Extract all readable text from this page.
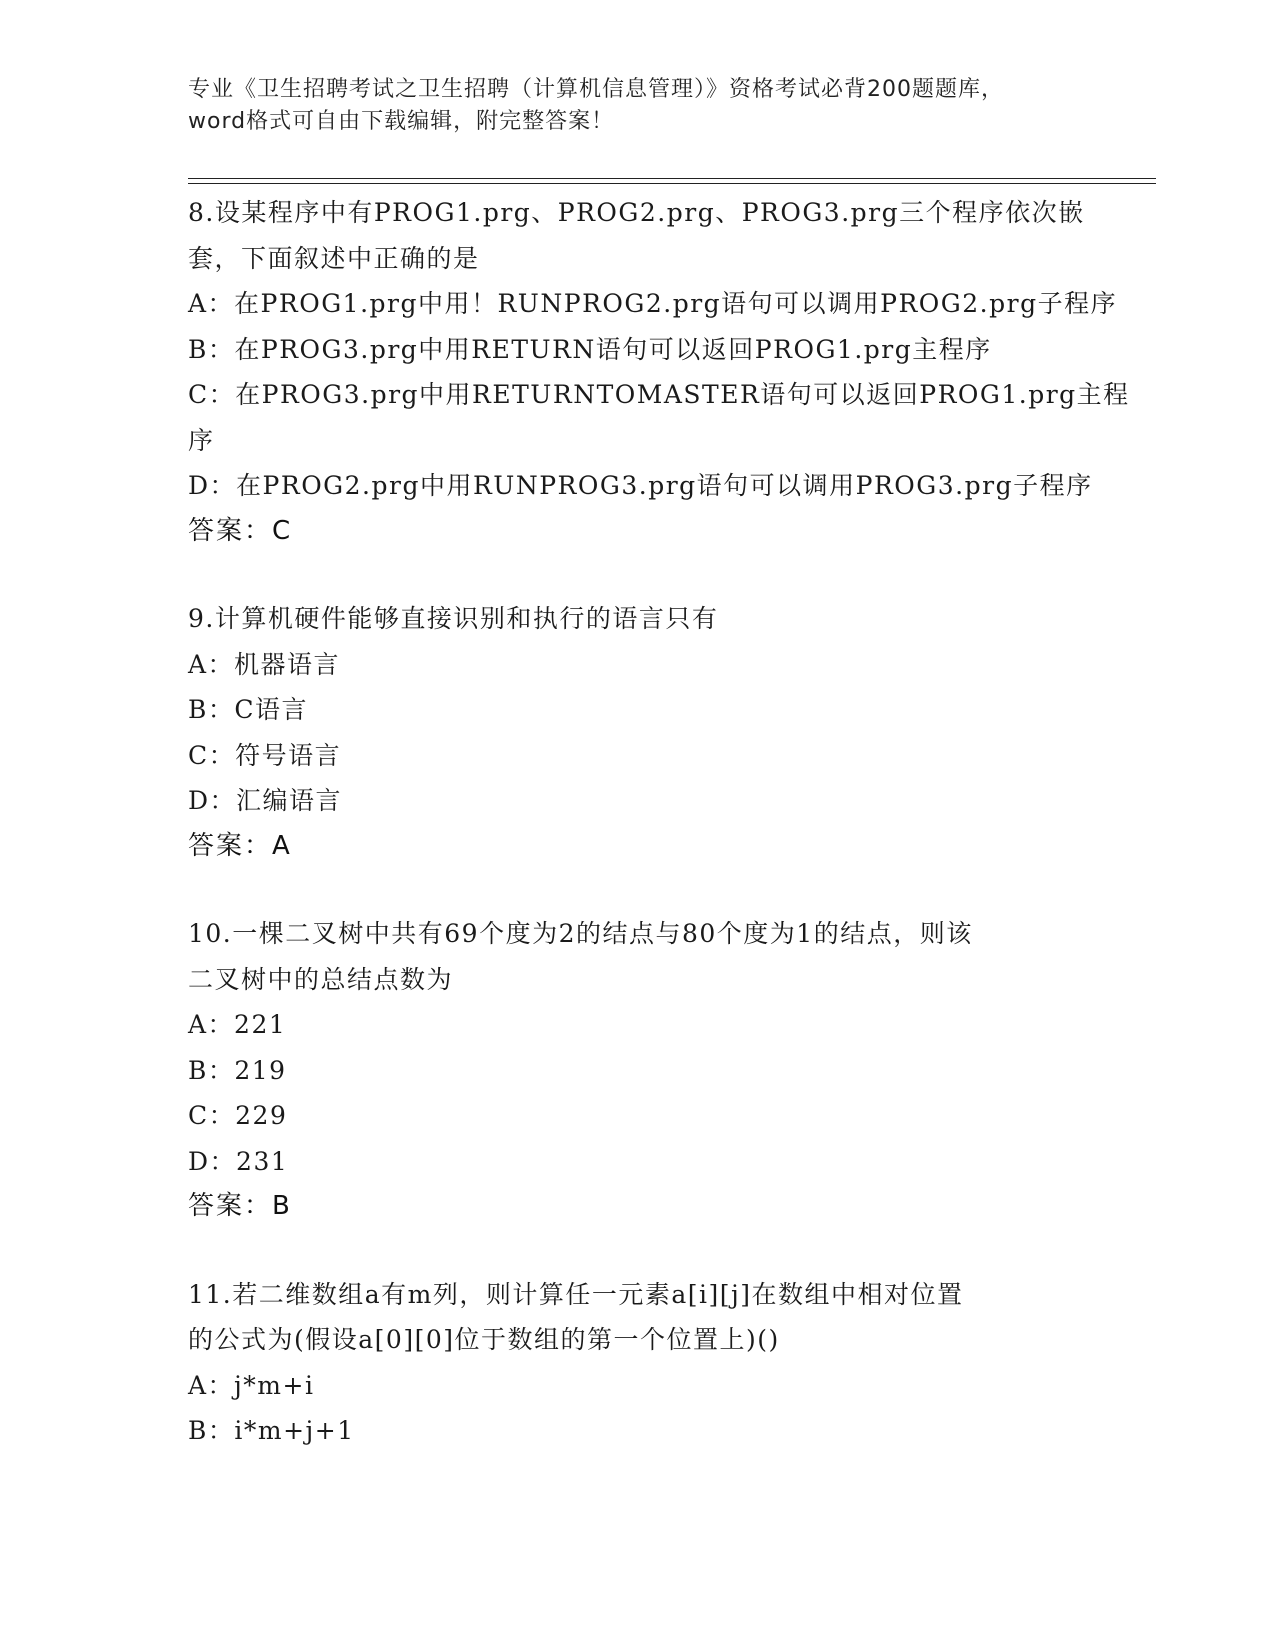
专业《卫生招聘考试之卫生招聘（计算机信息管理）》资格考试必背200题题库，
word格式可自由下载编辑，附完整答案！
8.设某程序中有PROG1.prg、PROG2.prg、PROG3.prg三个程序依次嵌
套，下面叙述中正确的是
A：在PROG1.prg中用！RUNPROG2.prg语句可以调用PROG2.prg子程序
B：在PROG3.prg中用RETURN语句可以返回PROG1.prg主程序
C：在PROG3.prg中用RETURNTOMASTER语句可以返回PROG1.prg主程
序
D：在PROG2.prg中用RUNPROG3.prg语句可以调用PROG3.prg子程序
答案：C
9.计算机硬件能够直接识别和执行的语言只有
A：机器语言
B：C语言
C：符号语言
D：汇编语言
答案：A
10.一棵二叉树中共有69个度为2的结点与80个度为1的结点，则该
二叉树中的总结点数为
A：221
B：219
C：229
D：231
答案：B
11.若二维数组a有m列，则计算任一元素a[i][j]在数组中相对位置
的公式为(假设a[0][0]位于数组的第一个位置上)()
A：j*m+i
B：i*m+j+1
